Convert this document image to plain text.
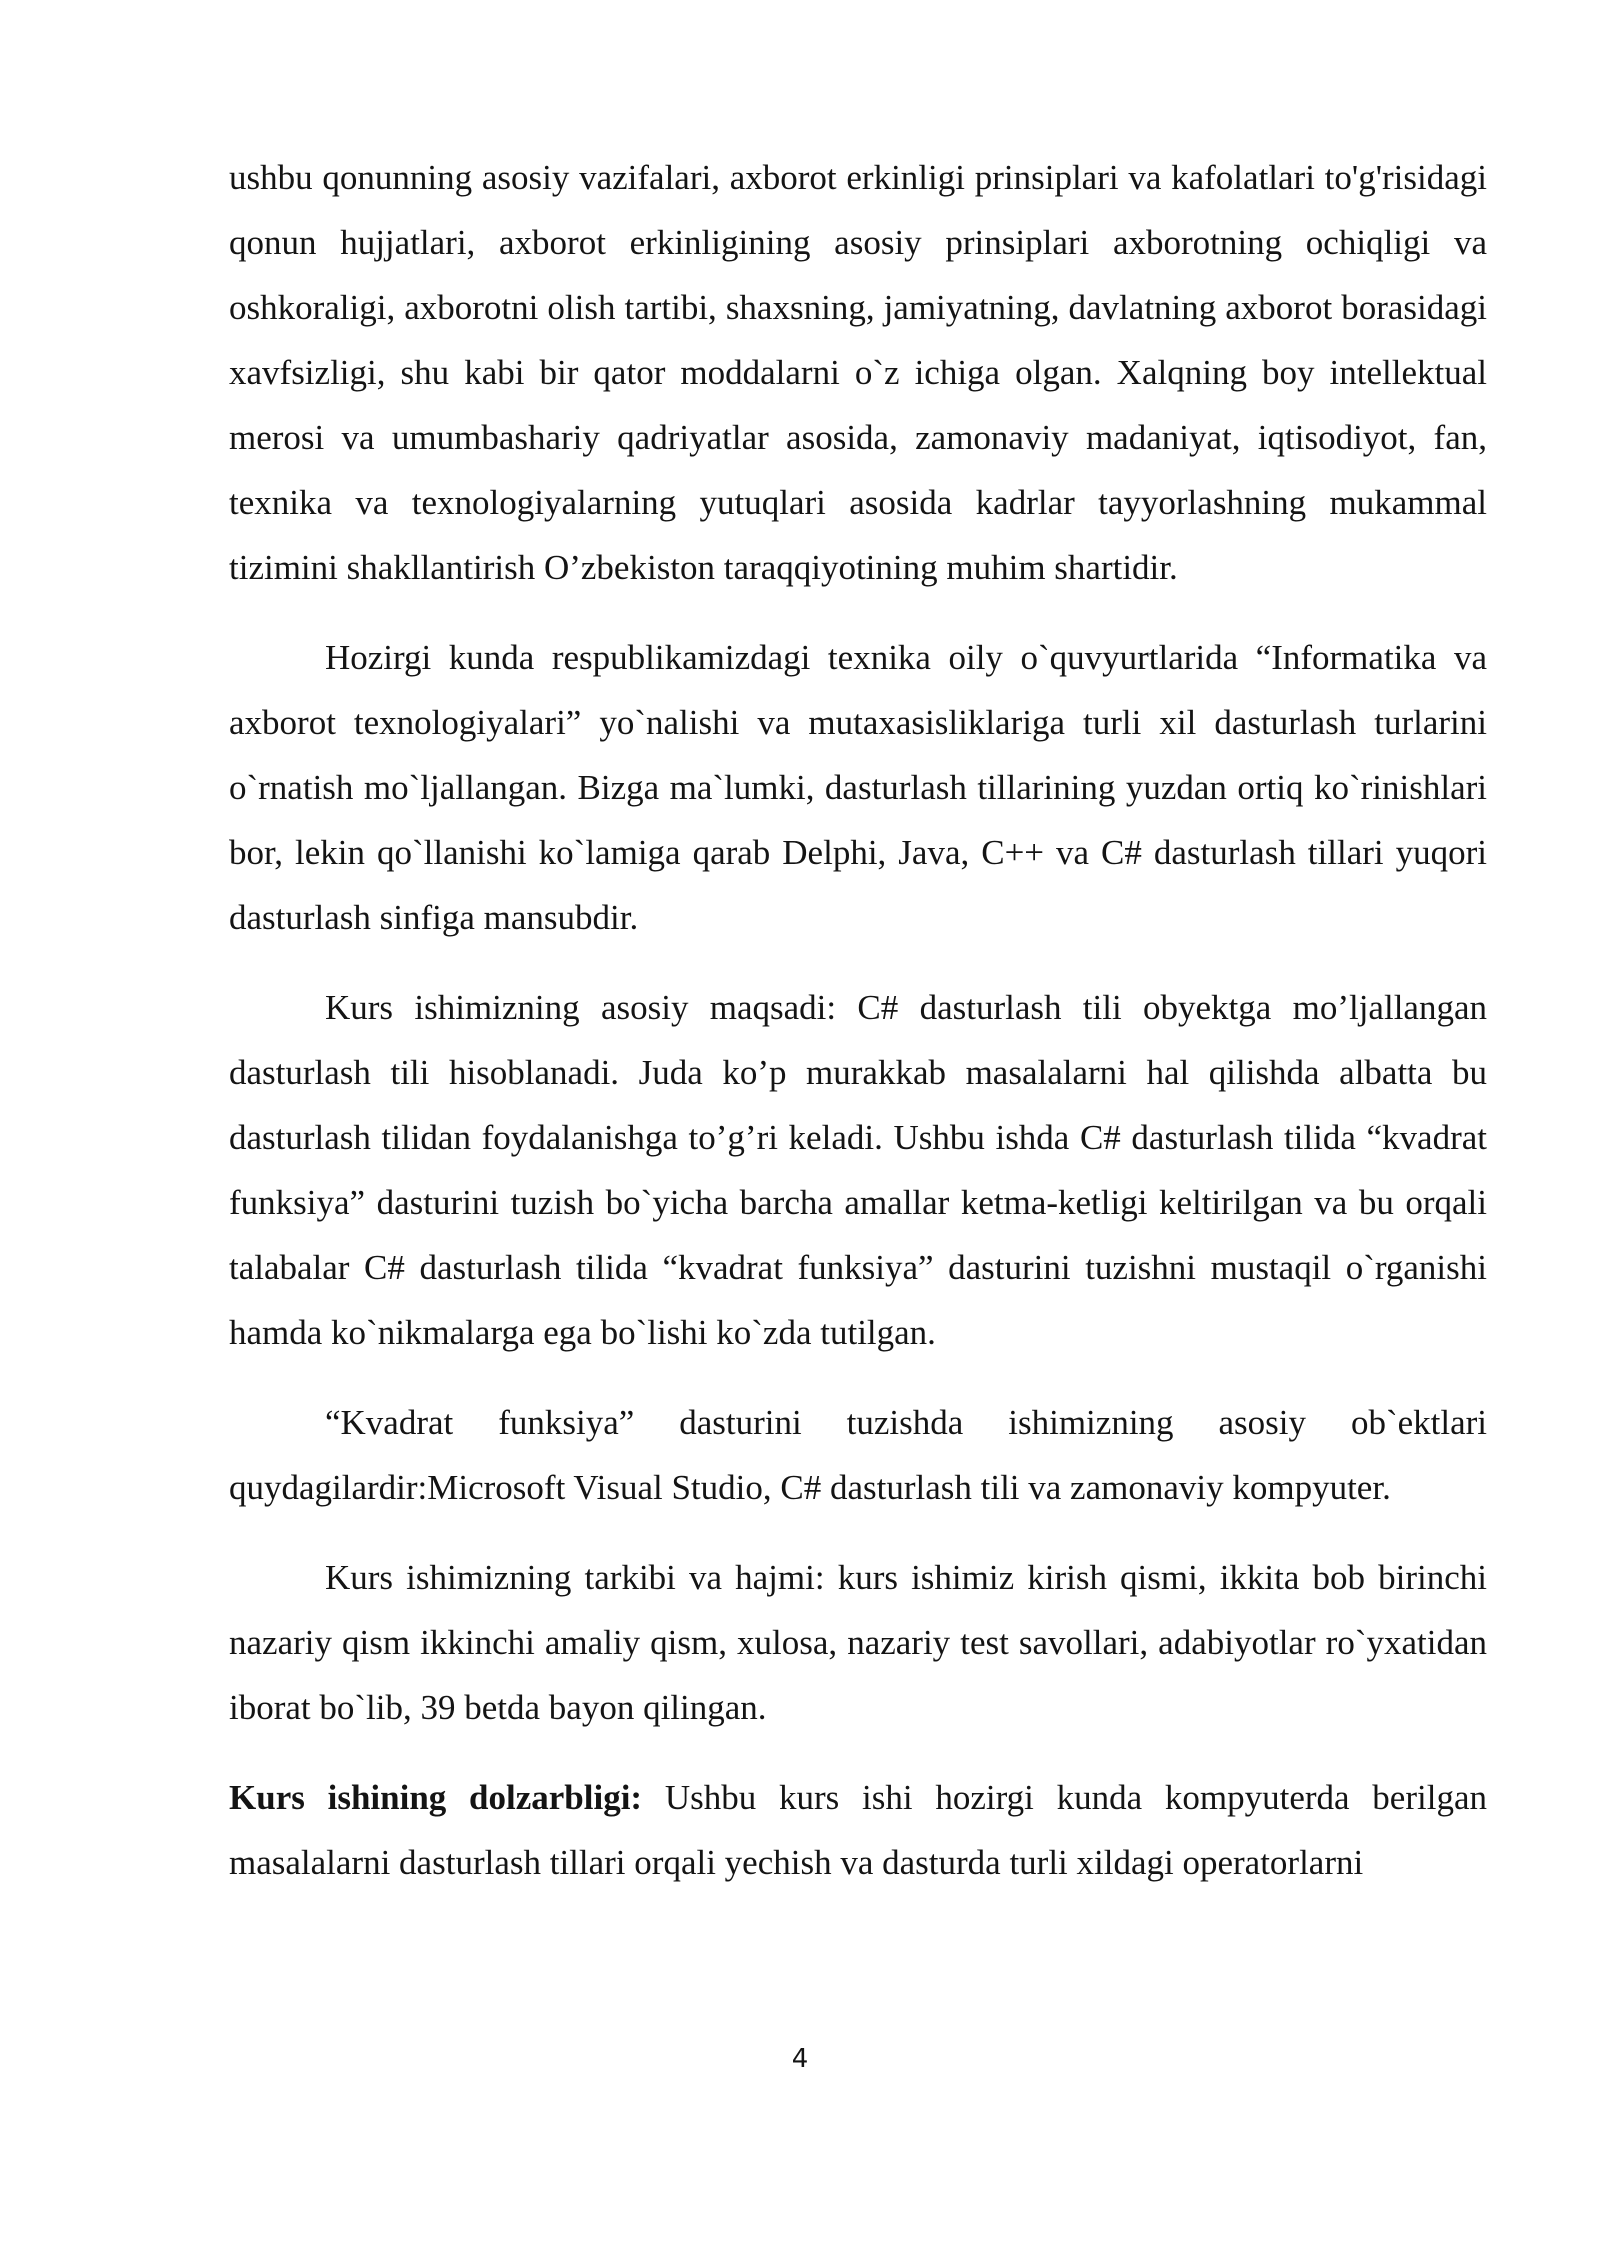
ushbu qonunning asosiy vazifalari, axborot erkinligi prinsiplari va kafolatlari to'g'risidagi qonun hujjatlari, axborot erkinligining asosiy prinsiplari axborotning ochiqligi va oshkoraligi, axborotni olish tartibi, shaxsning, jamiyatning, davlatning axborot borasidagi xavfsizligi, shu kabi bir qator moddalarni o`z ichiga olgan. Xalqning boy intellektual merosi va umumbashariy qadriyatlar asosida, zamonaviy madaniyat, iqtisodiyot, fan, texnika va texnologiyalarning yutuqlari asosida kadrlar tayyorlashning mukammal tizimini shakllantirish O’zbekiston taraqqiyotining muhim shartidir.

Hozirgi kunda respublikamizdagi texnika oily o`quvyurtlarida “Informatika va axborot texnologiyalari” yo`nalishi va mutaxasisliklariga turli xil dasturlash turlarini o`rnatish mo`ljallangan. Bizga ma`lumki, dasturlash tillarining yuzdan ortiq ko`rinishlari bor, lekin qo`llanishi ko`lamiga qarab Delphi, Java, C++ va C# dasturlash tillari yuqori dasturlash sinfiga mansubdir.

Kurs ishimizning asosiy maqsadi: C# dasturlash tili obyektga mo’ljallangan dasturlash tili hisoblanadi. Juda ko’p murakkab masalalarni hal qilishda albatta bu dasturlash tilidan foydalanishga to’g’ri keladi. Ushbu ishda C# dasturlash tilida “kvadrat funksiya” dasturini tuzish bo`yicha barcha amallar ketma-ketligi keltirilgan va bu orqali talabalar C# dasturlash tilida “kvadrat funksiya” dasturini tuzishni mustaqil o`rganishi hamda ko`nikmalarga ega bo`lishi ko`zda tutilgan.

“Kvadrat funksiya” dasturini tuzishda ishimizning asosiy ob`ektlari quydagilardir:Microsoft Visual Studio, C# dasturlash tili va zamonaviy kompyuter.

Kurs ishimizning tarkibi va hajmi: kurs ishimiz kirish qismi, ikkita bob birinchi nazariy qism ikkinchi amaliy qism, xulosa, nazariy test savollari, adabiyotlar ro`yxatidan iborat bo`lib, 39 betda bayon qilingan.

Kurs ishining dolzarbligi: Ushbu kurs ishi hozirgi kunda kompyuterda berilgan masalalarni dasturlash tillari orqali yechish va dasturda turli xildagi operatorlarni

4
